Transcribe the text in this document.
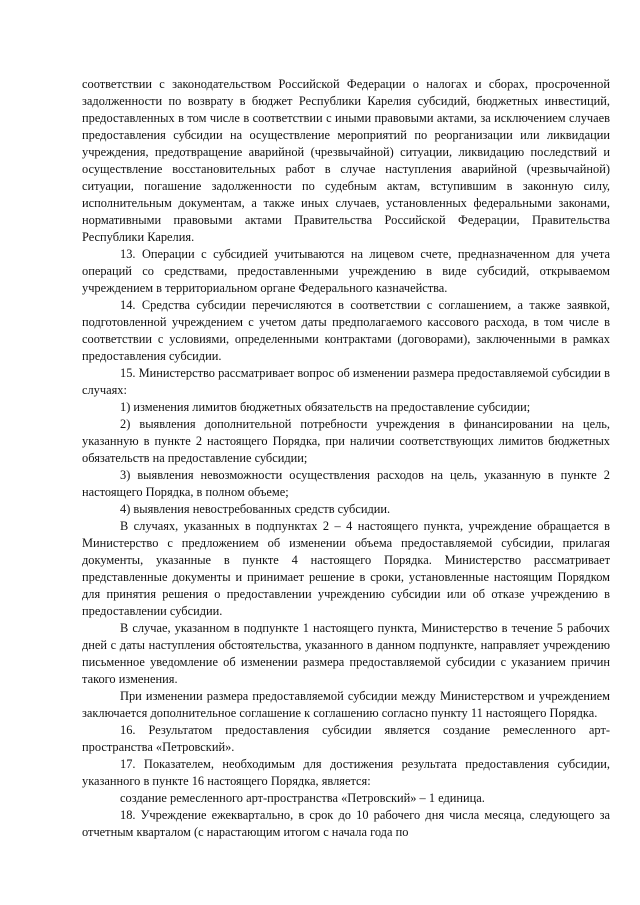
соответствии с законодательством Российской Федерации о налогах и сборах, просроченной задолженности по возврату в бюджет Республики Карелия субсидий, бюджетных инвестиций, предоставленных в том числе в соответствии с иными правовыми актами, за исключением случаев предоставления субсидии на осуществление мероприятий по реорганизации или ликвидации учреждения, предотвращение аварийной (чрезвычайной) ситуации, ликвидацию последствий и осуществление восстановительных работ в случае наступления аварийной (чрезвычайной) ситуации, погашение задолженности по судебным актам, вступившим в законную силу, исполнительным документам, а также иных случаев, установленных федеральными законами, нормативными правовыми актами Правительства Российской Федерации, Правительства Республики Карелия.

13. Операции с субсидией учитываются на лицевом счете, предназначенном для учета операций со средствами, предоставленными учреждению в виде субсидий, открываемом учреждением в территориальном органе Федерального казначейства.

14. Средства субсидии перечисляются в соответствии с соглашением, а также заявкой, подготовленной учреждением с учетом даты предполагаемого кассового расхода, в том числе в соответствии с условиями, определенными контрактами (договорами), заключенными в рамках предоставления субсидии.

15. Министерство рассматривает вопрос об изменении размера предоставляемой субсидии в случаях:

1) изменения лимитов бюджетных обязательств на предоставление субсидии;

2) выявления дополнительной потребности учреждения в финансировании на цель, указанную в пункте 2 настоящего Порядка, при наличии соответствующих лимитов бюджетных обязательств на предоставление субсидии;

3) выявления невозможности осуществления расходов на цель, указанную в пункте 2 настоящего Порядка, в полном объеме;

4) выявления невостребованных средств субсидии.

В случаях, указанных в подпунктах 2 – 4 настоящего пункта, учреждение обращается в Министерство с предложением об изменении объема предоставляемой субсидии, прилагая документы, указанные в пункте 4 настоящего Порядка. Министерство рассматривает представленные документы и принимает решение в сроки, установленные настоящим Порядком для принятия решения о предоставлении учреждению субсидии или об отказе учреждению в предоставлении субсидии.

В случае, указанном в подпункте 1 настоящего пункта, Министерство в течение 5 рабочих дней с даты наступления обстоятельства, указанного в данном подпункте, направляет учреждению письменное уведомление об изменении размера предоставляемой субсидии с указанием причин такого изменения.

При изменении размера предоставляемой субсидии между Министерством и учреждением заключается дополнительное соглашение к соглашению согласно пункту 11 настоящего Порядка.

16. Результатом предоставления субсидии является создание ремесленного арт-пространства «Петровский».

17. Показателем, необходимым для достижения результата предоставления субсидии, указанного в пункте 16 настоящего Порядка, является:

создание ремесленного арт-пространства «Петровский» – 1 единица.

18. Учреждение ежеквартально, в срок до 10 рабочего дня числа месяца, следующего за отчетным кварталом (с нарастающим итогом с начала года по
